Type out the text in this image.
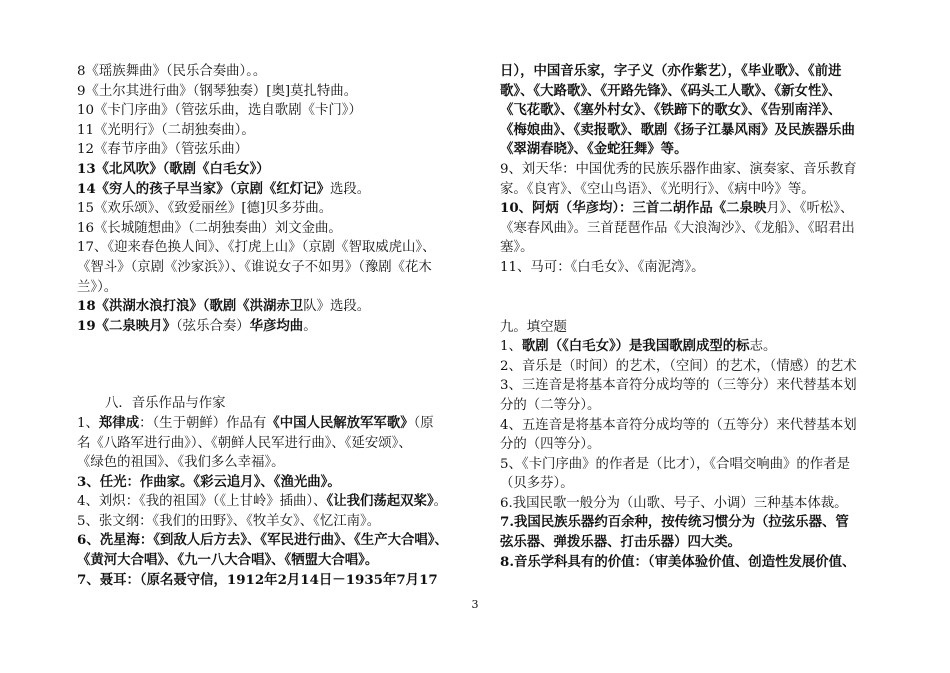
8《瑶族舞曲》（民乐合奏曲）。。
9《土尔其进行曲》（钢琴独奏）[奥]莫扎特曲。
10《卡门序曲》（管弦乐曲，选自歌剧《卡门》）
11《光明行》（二胡独奏曲）。
12《春节序曲》（管弦乐曲）
13《北风吹》（歌剧《白毛女》）
14《穷人的孩子早当家》（京剧《红灯记》选段。
15《欢乐颂》、《致爱丽丝》[德]贝多芬曲。
16《长城随想曲》（二胡独奏曲）刘文金曲。
17、《迎来春色换人间》、《打虎上山》（京剧《智取威虎山》、
《智斗》（京剧《沙家浜》）、《谁说女子不如男》（豫剧《花木
兰》）。
18《洪湖水浪打浪》（歌剧《洪湖赤卫队》选段。
19《二泉映月》（弦乐合奏）华彦均曲。
八．音乐作品与作家
1、郑律成：（生于朝鲜）作品有《中国人民解放军军歌》（原
名《八路军进行曲》）、《朝鲜人民军进行曲》、《延安颂》、
《绿色的祖国》、《我们多么幸福》。
3、任光：作曲家。《彩云追月》、《渔光曲》。
4、刘炽：《我的祖国》（《上甘岭》插曲）、《让我们荡起双桨》。
5、张文纲：《我们的田野》、《牧羊女》、《忆江南》。
6、冼星海：《到敌人后方去》、《军民进行曲》、《生产大合唱》、
《黄河大合唱》、《九一八大合唱》、《牺盟大合唱》。
7、聂耳：（原名聂守信，1912年2月14日－1935年7月17
日），中国音乐家，字子义（亦作紫艺），《毕业歌》、《前进
歌》、《大路歌》、《开路先锋》、《码头工人歌》、《新女性》、
《飞花歌》、《塞外村女》、《铁蹄下的歌女》、《告别南洋》、
《梅娘曲》、《卖报歌》、歌剧《扬子江暴风雨》及民族器乐曲
《翠湖春晓》、《金蛇狂舞》等。
9、刘天华：中国优秀的民族乐器作曲家、演奏家、音乐教育
家。《良宵》、《空山鸟语》、《光明行》、《病中吟》等。
10、阿炳（华彦均）：三首二胡作品《二泉映月》、《听松》、
《寒春风曲》。三首琵琶作品《大浪淘沙》、《龙船》、《昭君出
塞》。
11、马可：《白毛女》、《南泥湾》。
九。填空题
1、歌剧（《白毛女》）是我国歌剧成型的标志。
2、音乐是（时间）的艺术，（空间）的艺术，（情感）的艺术
3、三连音是将基本音符分成均等的（三等分）来代替基本划
分的（二等分）。
4、五连音是将基本音符分成均等的（五等分）来代替基本划
分的（四等分）。
5、《卡门序曲》的作者是（比才），《合唱交响曲》的作者是
（贝多芬）。
6.我国民歌一般分为（山歌、号子、小调）三种基本体裁。
7.我国民族乐器约百余种，按传统习惯分为（拉弦乐器、管
弦乐器、弹拨乐器、打击乐器）四大类。
8.音乐学科具有的价值：（审美体验价值、创造性发展价值、
3
